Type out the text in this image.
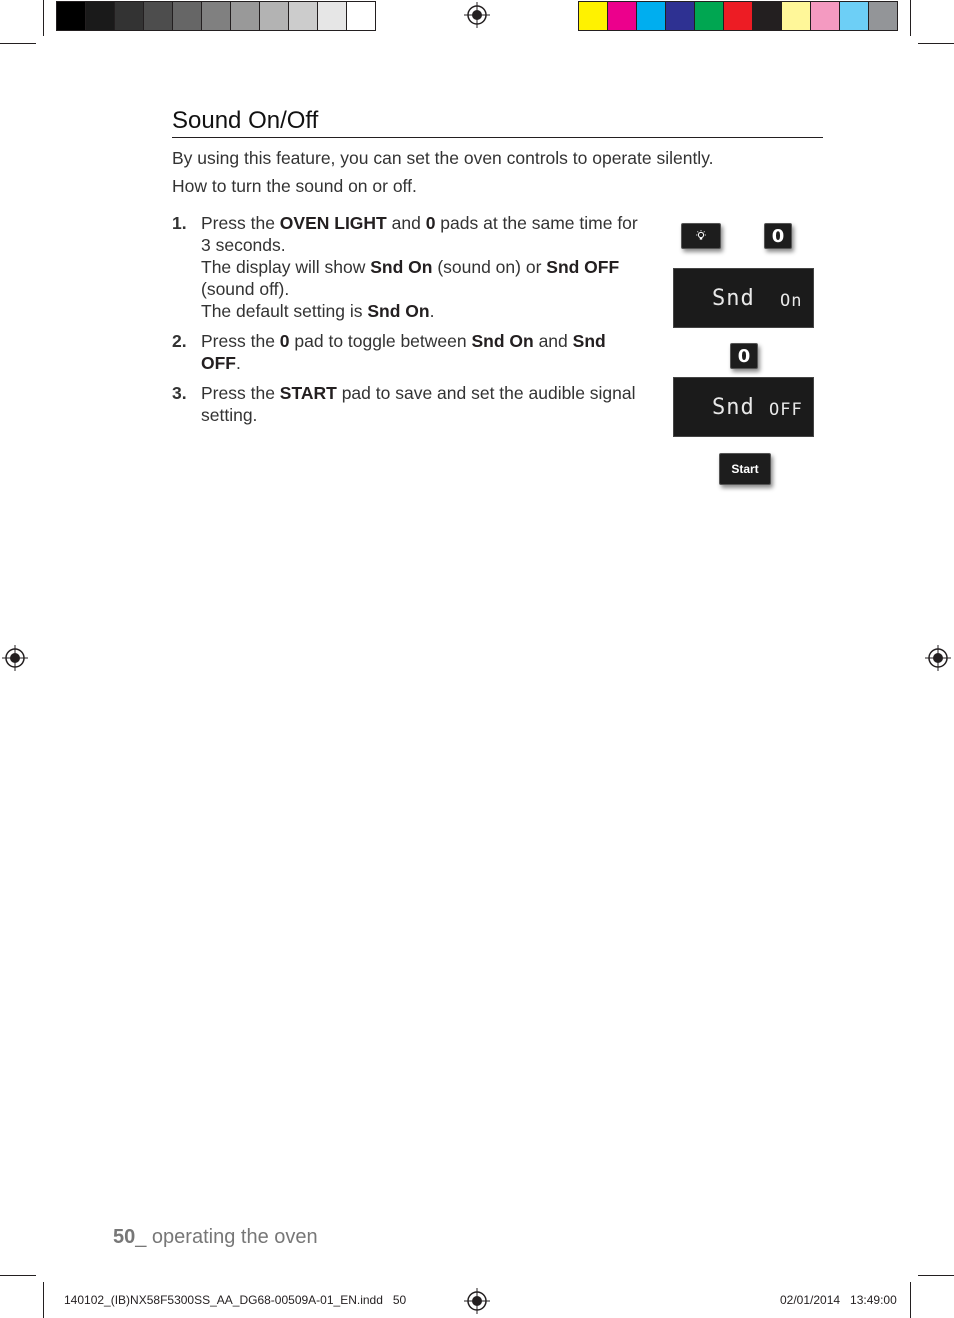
Sound On/Off

By using this feature, you can set the oven controls to operate silently.

How to turn the sound on or off.

1. Press the OVEN LIGHT and 0 pads at the same time for 3 seconds.
The display will show Snd On (sound on) or Snd OFF (sound off).
The default setting is Snd On.
2. Press the 0 pad to toggle between Snd On and Snd OFF.
3. Press the START pad to save and set the audible signal setting.
0
Snd On
0
Snd OFF
Start
50_ operating the oven
140102_(IB)NX58F5300SS_AA_DG68-00509A-01_EN.indd   50	02/01/2014   13:49:00
